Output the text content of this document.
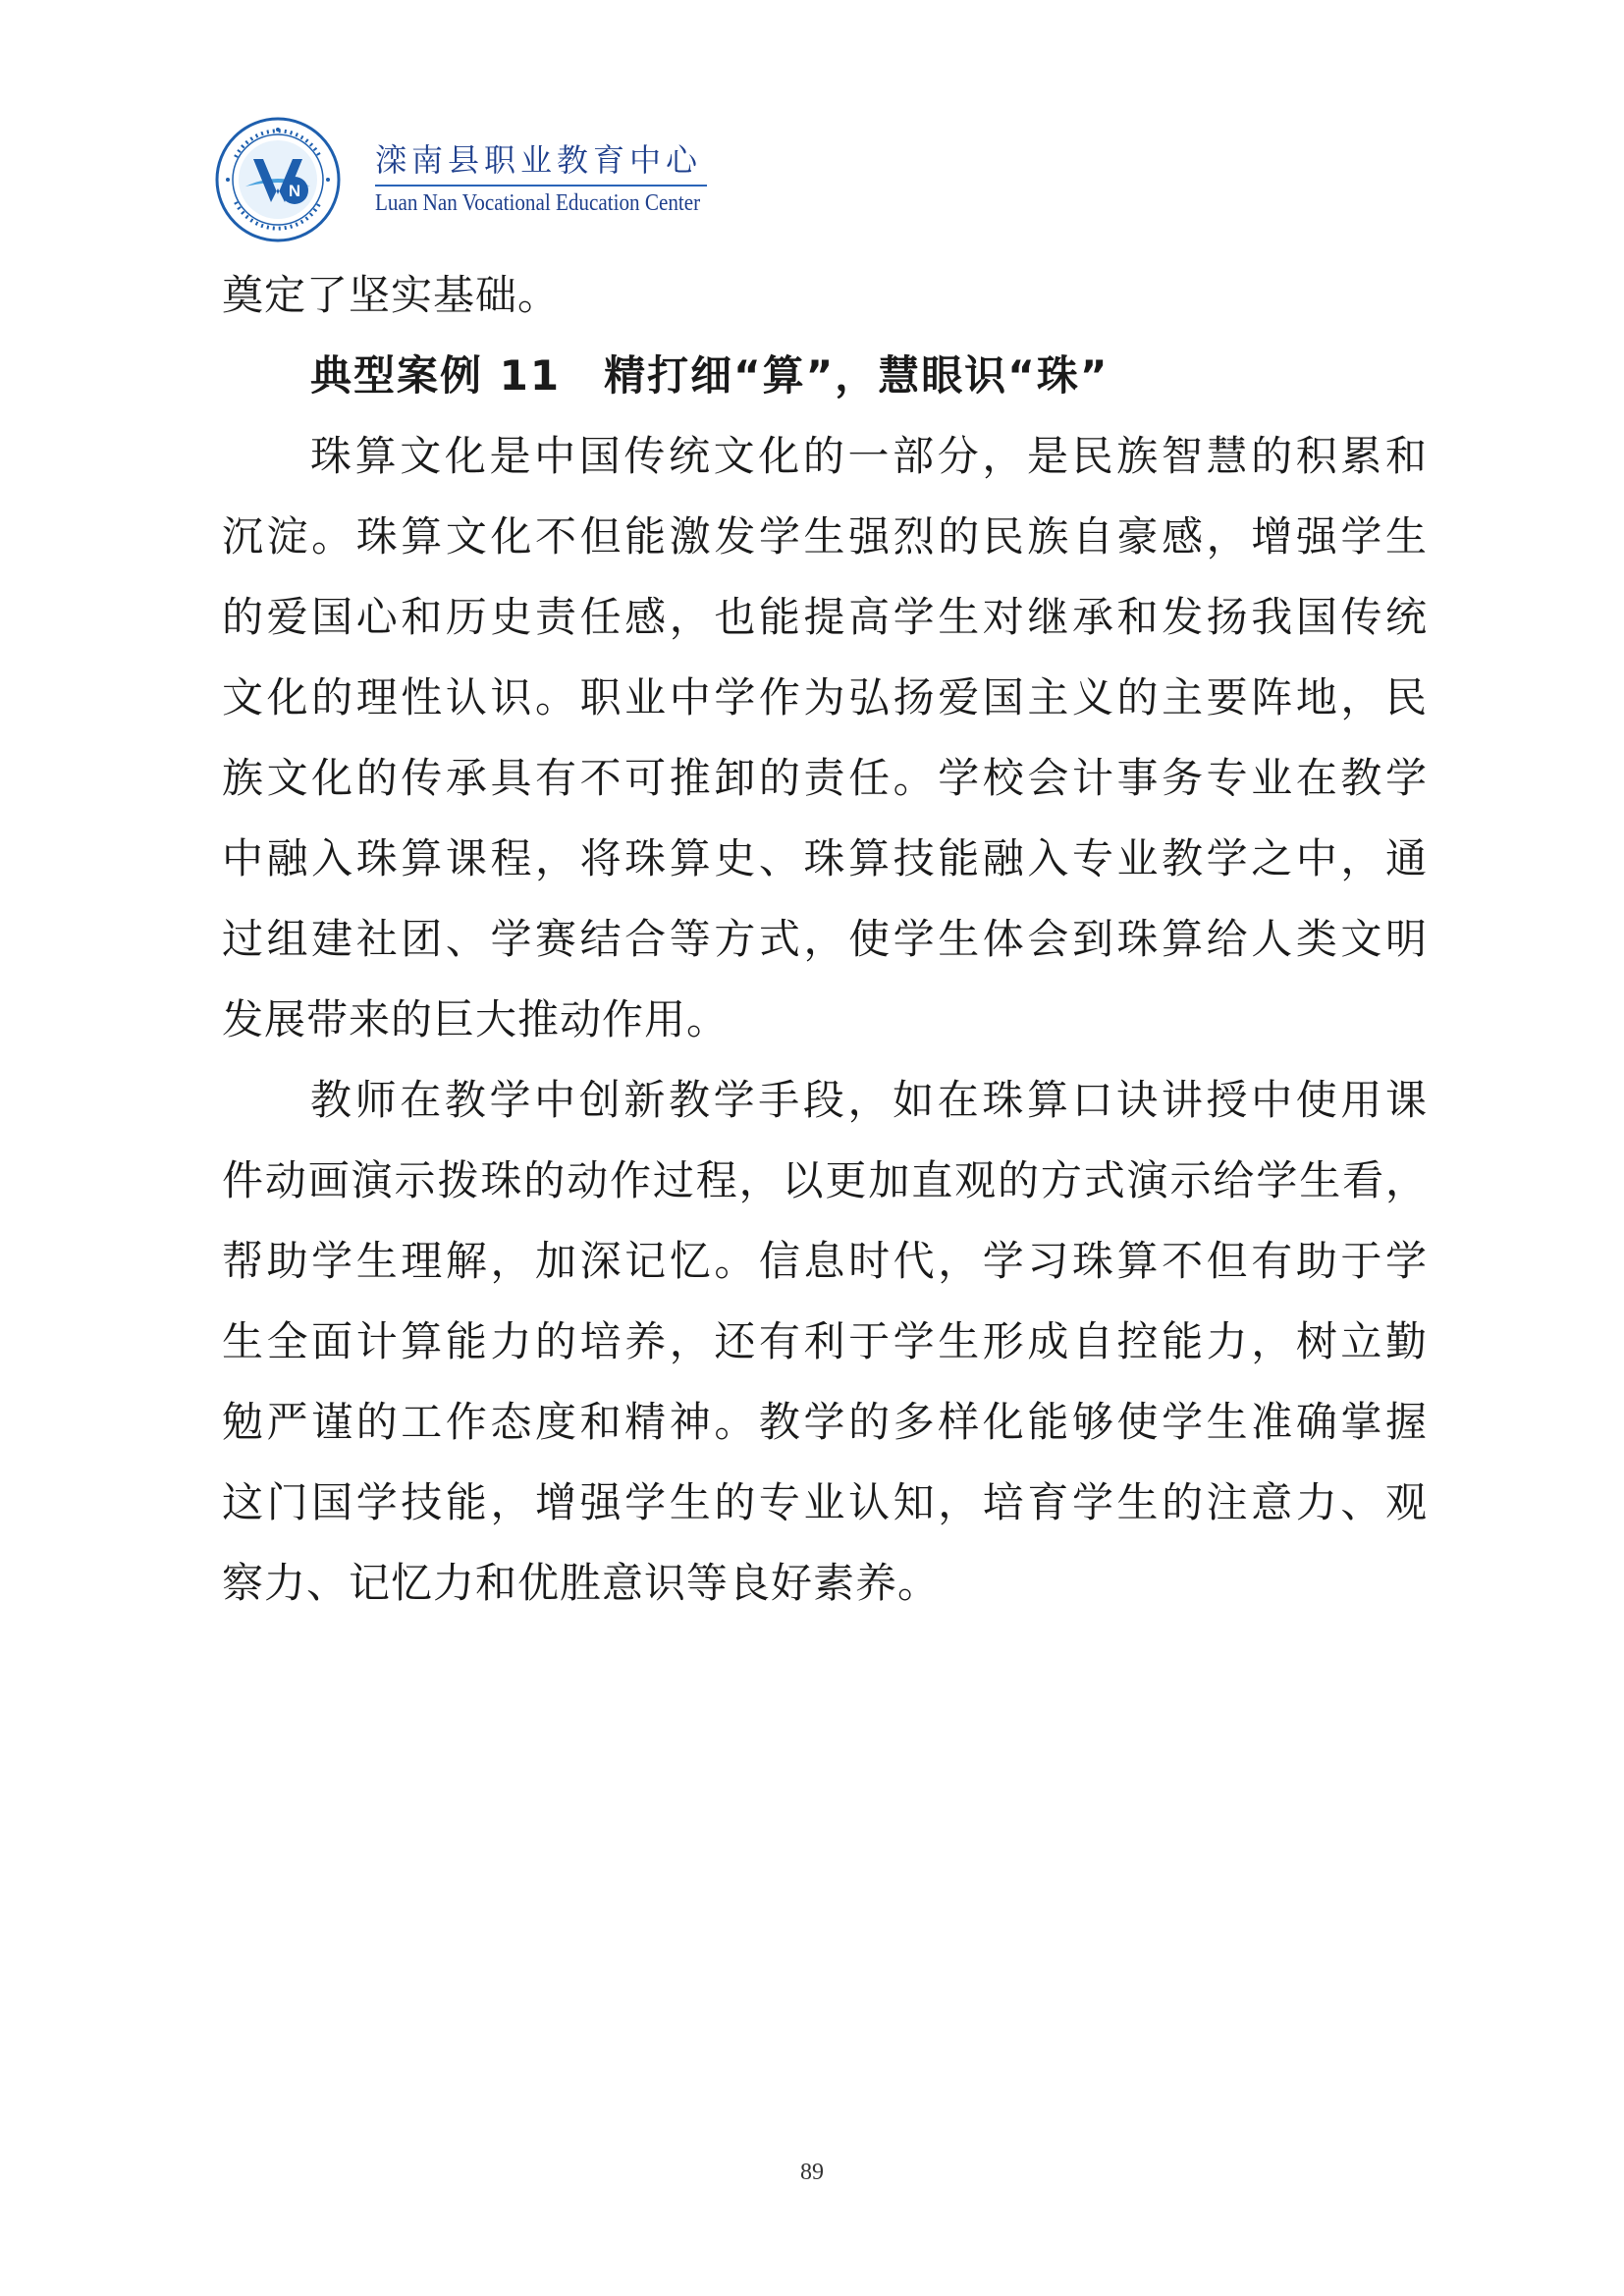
N
滦南县职业教育中心
Luan Nan Vocational Education Center
奠定了坚实基础。
典型案例 11　精打细“算”，慧眼识“珠”
珠算文化是中国传统文化的一部分，是民族智慧的积累和
沉淀。珠算文化不但能激发学生强烈的民族自豪感，增强学生
的爱国心和历史责任感，也能提高学生对继承和发扬我国传统
文化的理性认识。职业中学作为弘扬爱国主义的主要阵地，民
族文化的传承具有不可推卸的责任。学校会计事务专业在教学
中融入珠算课程，将珠算史、珠算技能融入专业教学之中，通
过组建社团、学赛结合等方式，使学生体会到珠算给人类文明
发展带来的巨大推动作用。
教师在教学中创新教学手段，如在珠算口诀讲授中使用课
件动画演示拨珠的动作过程，以更加直观的方式演示给学生看，
帮助学生理解，加深记忆。信息时代，学习珠算不但有助于学
生全面计算能力的培养，还有利于学生形成自控能力，树立勤
勉严谨的工作态度和精神。教学的多样化能够使学生准确掌握
这门国学技能，增强学生的专业认知，培育学生的注意力、观
察力、记忆力和优胜意识等良好素养。
89
